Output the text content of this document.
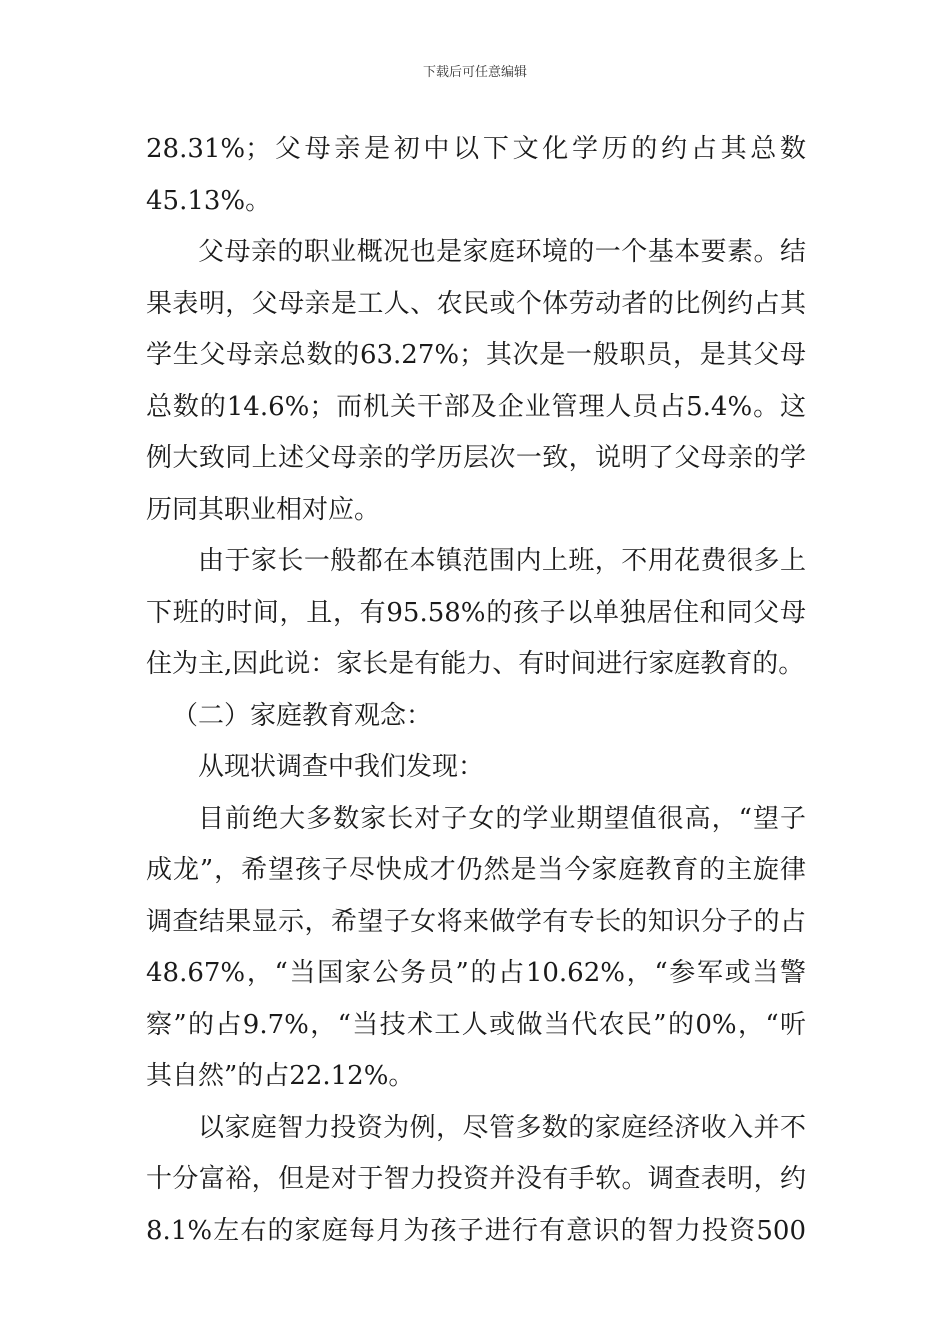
下载后可任意编辑
28.31%；父母亲是初中以下文化学历的约占其总数
45.13%。
父母亲的职业概况也是家庭环境的一个基本要素。结
果表明，父母亲是工人、农民或个体劳动者的比例约占其
学生父母亲总数的63.27%；其次是一般职员，是其父母
总数的14.6%；而机关干部及企业管理人员占5.4%。这
例大致同上述父母亲的学历层次一致，说明了父母亲的学
历同其职业相对应。
由于家长一般都在本镇范围内上班，不用花费很多上
下班的时间，且，有95.58%的孩子以单独居住和同父母
住为主,因此说：家长是有能力、有时间进行家庭教育的。
（二）家庭教育观念：
从现状调查中我们发现：
目前绝大多数家长对子女的学业期望值很高，“望子
成龙”，希望孩子尽快成才仍然是当今家庭教育的主旋律
调查结果显示，希望子女将来做学有专长的知识分子的占
48.67%，“当国家公务员”的占10.62%，“参军或当警
察”的占9.7%，“当技术工人或做当代农民”的0%，“听
其自然”的占22.12%。
以家庭智力投资为例，尽管多数的家庭经济收入并不
十分富裕，但是对于智力投资并没有手软。调查表明，约
8.1%左右的家庭每月为孩子进行有意识的智力投资500
